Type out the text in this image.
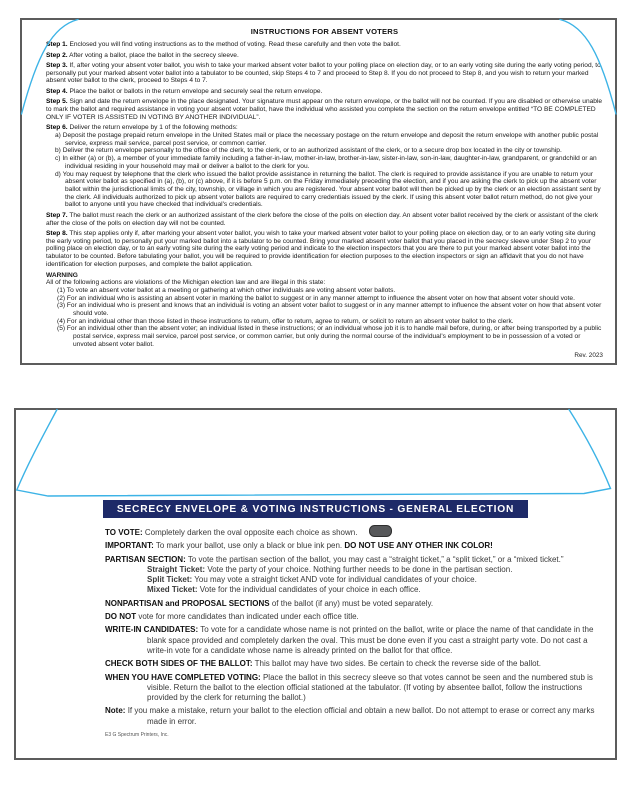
INSTRUCTIONS FOR ABSENT VOTERS

Step 1. Enclosed you will find voting instructions as to the method of voting. Read these carefully and then vote the ballot.

Step 2. After voting a ballot, place the ballot in the secrecy sleeve.

Step 3. If, after voting your absent voter ballot, you wish to take your marked absent voter ballot to your polling place on election day, or to an early voting site during the early voting period, to personally put your marked absent voter ballot into a tabulator to be counted, skip Steps 4 to 7 and proceed to Step 8. If you do not proceed to Step 8, and you wish to return your marked absent voter ballot to the clerk, proceed to Steps 4 to 7.

Step 4. Place the ballot or ballots in the return envelope and securely seal the return envelope.

Step 5. Sign and date the return envelope in the place designated. Your signature must appear on the return envelope, or the ballot will not be counted. If you are disabled or otherwise unable to mark the ballot and required assistance in voting your absent voter ballot, have the individual who assisted you complete the section on the return envelope entitled “TO BE COMPLETED ONLY IF VOTER IS ASSISTED IN VOTING BY ANOTHER INDIVIDUAL”.

Step 6. Deliver the return envelope by 1 of the following methods:

a) Deposit the postage prepaid return envelope in the United States mail or place the necessary postage on the return envelope and deposit the return envelope with another public postal service, express mail service, parcel post service, or common carrier.

b) Deliver the return envelope personally to the office of the clerk, to the clerk, or to an authorized assistant of the clerk, or to a secure drop box located in the city or township.

c) In either (a) or (b), a member of your immediate family including a father-in-law, mother-in-law, brother-in-law, sister-in-law, son-in-law, daughter-in-law, grandparent, or grandchild or an individual residing in your household may mail or deliver a ballot to the clerk for you.

d) You may request by telephone that the clerk who issued the ballot provide assistance in returning the ballot. The clerk is required to provide assistance if you are unable to return your absent voter ballot as specified in (a), (b), or (c) above, if it is before 5 p.m. on the Friday immediately preceding the election, and if you are asking the clerk to pick up the absent voter ballot within the jurisdictional limits of the city, township, or village in which you are registered. Your absent voter ballot will then be picked up by the clerk or an election assistant sent by the clerk. All individuals authorized to pick up absent voter ballots are required to carry credentials issued by the clerk. If using this absent voter ballot return method, do not give your ballot to anyone until you have checked that individual's credentials.

Step 7. The ballot must reach the clerk or an authorized assistant of the clerk before the close of the polls on election day. An absent voter ballot received by the clerk or assistant of the clerk after the close of the polls on election day will not be counted.

Step 8. This step applies only if, after marking your absent voter ballot, you wish to take your marked absent voter ballot to your polling place on election day, or to an early voting site during the early voting period, to personally put your marked ballot into a tabulator to be counted. Bring your marked absent voter ballot that you placed in the secrecy sleeve under Step 2 to your polling place on election day, or to an early voting site during the early voting period and indicate to the election inspectors that you are there to put your marked absent voter ballot into the tabulator to be counted. Before tabulating your ballot, you will be required to provide identification for election purposes to the election inspectors or sign an affidavit that you do not have identification for election purposes, and complete the ballot application.

WARNING

All of the following actions are violations of the Michigan election law and are illegal in this state:

(1) To vote an absent voter ballot at a meeting or gathering at which other individuals are voting absent voter ballots.

(2) For an individual who is assisting an absent voter in marking the ballot to suggest or in any manner attempt to influence the absent voter on how that absent voter should vote.

(3) For an individual who is present and knows that an individual is voting an absent voter ballot to suggest or in any manner attempt to influence the absent voter on how that absent voter should vote.

(4) For an individual other than those listed in these instructions to return, offer to return, agree to return, or solicit to return an absent voter ballot to the clerk.

(5) For an individual other than the absent voter; an individual listed in these instructions; or an individual whose job it is to handle mail before, during, or after being transported by a public postal service, express mail service, parcel post service, or common carrier, but only during the normal course of the individual's employment to be in possession of a voted or unvoted absent voter ballot.

Rev. 2023
SECRECY ENVELOPE & VOTING INSTRUCTIONS - GENERAL ELECTION

TO VOTE: Completely darken the oval opposite each choice as shown.

IMPORTANT: To mark your ballot, use only a black or blue ink pen. DO NOT USE ANY OTHER INK COLOR!

PARTISAN SECTION: To vote the partisan section of the ballot, you may cast a “straight ticket,” a “split ticket,” or a “mixed ticket.”

Straight Ticket: Vote the party of your choice. Nothing further needs to be done in the partisan section.

Split Ticket: You may vote a straight ticket AND vote for individual candidates of your choice.

Mixed Ticket: Vote for the individual candidates of your choice in each office.

NONPARTISAN and PROPOSAL SECTIONS of the ballot (if any) must be voted separately.

DO NOT vote for more candidates than indicated under each office title.

WRITE-IN CANDIDATES: To vote for a candidate whose name is not printed on the ballot, write or place the name of that candidate in the blank space provided and completely darken the oval. This must be done even if you cast a straight party vote. Do not cast a write-in vote for a candidate whose name is already printed on the ballot for that office.

CHECK BOTH SIDES OF THE BALLOT: This ballot may have two sides. Be certain to check the reverse side of the ballot.

WHEN YOU HAVE COMPLETED VOTING: Place the ballot in this secrecy sleeve so that votes cannot be seen and the numbered stub is visible. Return the ballot to the election official stationed at the tabulator. (If voting by absentee ballot, follow the instructions provided by the clerk for returning the ballot.)

Note: If you make a mistake, return your ballot to the election official and obtain a new ballot. Do not attempt to erase or correct any marks made in error.

E3 G Spectrum Printers, Inc.
